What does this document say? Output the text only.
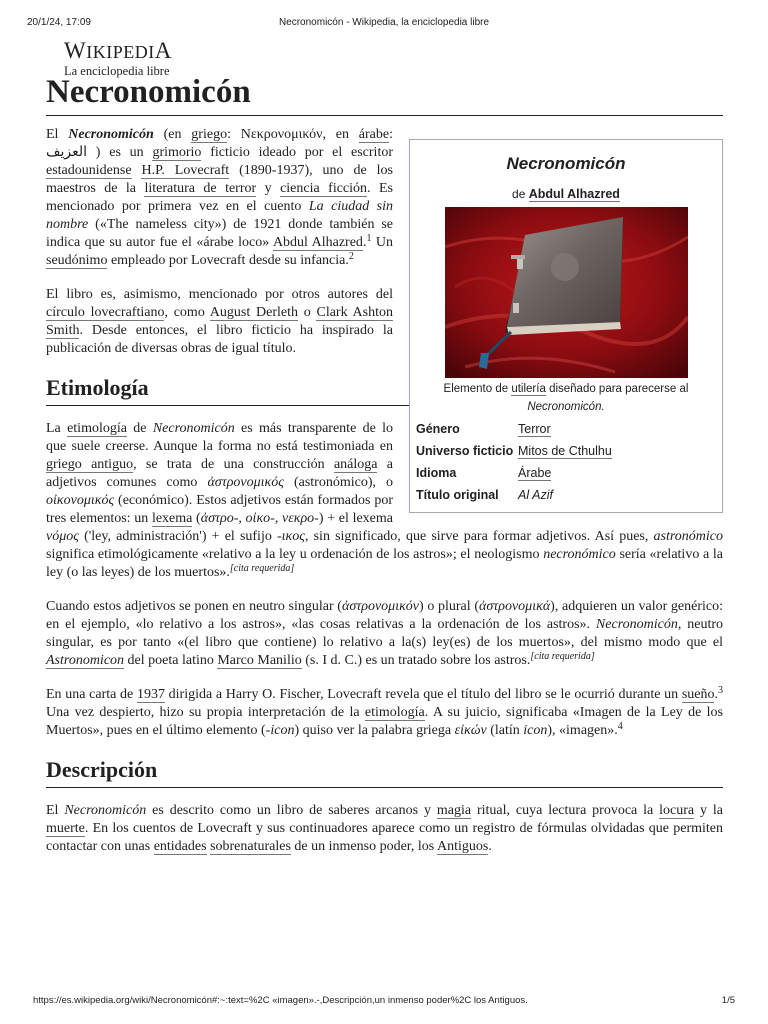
20/1/24, 17:09	Necronomicón - Wikipedia, la enciclopedia libre
WIKIPEDIA
La enciclopedia libre
Necronomicón
Necronomicón
de Abdul Alhazred
Elemento de utilería diseñado para parecerse al
Necronomicón.
Género	Terror
Universo ficticio	Mitos de Cthulhu
Idioma	Árabe
Título original	Al Azif

El Necronomicón (en griego: Νεκρονομικόν, en árabe: العزيف ) es un grimorio ficticio ideado por el escritor estadounidense H.P. Lovecraft (1890-1937), uno de los maestros de la literatura de terror y ciencia ficción. Es mencionado por primera vez en el cuento La ciudad sin nombre («The nameless city») de 1921 donde también se indica que su autor fue el «árabe loco» Abdul Alhazred.$^1$ Un seudónimo empleado por Lovecraft desde su infancia.$^2$

El libro es, asimismo, mencionado por otros autores del círculo lovecraftiano, como August Derleth o Clark Ashton Smith. Desde entonces, el libro ficticio ha inspirado la publicación de diversas obras de igual título.

Etimología

La etimología de Necronomicón es más transparente de lo que suele creerse. Aunque la forma no está testimoniada en griego antiguo, se trata de una construcción análoga a adjetivos comunes como ἀστρονομικός (astronómico), o οἰκονομικός (económico). Estos adjetivos están formados por tres elementos: un lexema (ἀστρο-, οἰκο-, νεκρο-) + el lexema νόμος ('ley, administración') + el sufijo -ικος, sin significado, que sirve para formar adjetivos. Así pues, astronómico significa etimológicamente «relativo a la ley u ordenación de los astros»; el neologismo necronómico sería «relativo a la ley (o las leyes) de los muertos».[cita requerida]

Cuando estos adjetivos se ponen en neutro singular (ἀστρονομικόν) o plural (ἀστρονομικά), adquieren un valor genérico: en el ejemplo, «lo relativo a los astros», «las cosas relativas a la ordenación de los astros». Necronomicón, neutro singular, es por tanto «(el libro que contiene) lo relativo a la(s) ley(es) de los muertos», del mismo modo que el Astronomicon del poeta latino Marco Manilio (s. I d. C.) es un tratado sobre los astros.[cita requerida]

En una carta de 1937 dirigida a Harry O. Fischer, Lovecraft revela que el título del libro se le ocurrió durante un sueño.$^3$ Una vez despierto, hizo su propia interpretación de la etimología. A su juicio, significaba «Imagen de la Ley de los Muertos», pues en el último elemento (-icon) quiso ver la palabra griega εἰκών (latín icon), «imagen».$^4$

Descripción

El Necronomicón es descrito como un libro de saberes arcanos y magia ritual, cuya lectura provoca la locura y la muerte. En los cuentos de Lovecraft y sus continuadores aparece como un registro de fórmulas olvidadas que permiten contactar con unas entidades sobrenaturales de un inmenso poder, los Antiguos.

https://es.wikipedia.org/wiki/Necronomicón#:~:text=%2C «imagen».-,Descripción,un inmenso poder%2C los Antiguos.	1/5
